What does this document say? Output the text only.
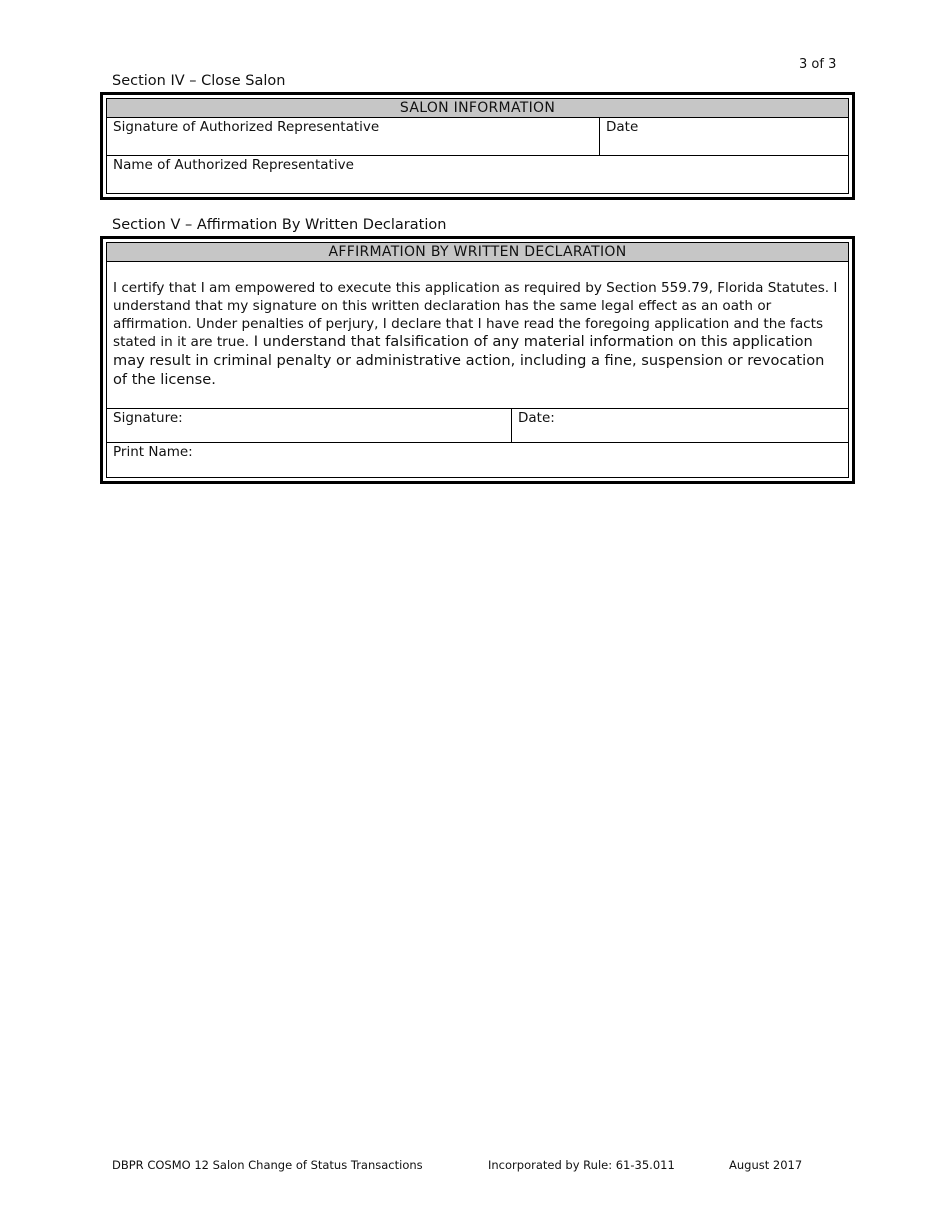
3 of 3
Section IV – Close Salon
SALON INFORMATION
Signature of Authorized Representative	Date
Name of Authorized Representative
Section V – Affirmation By Written Declaration
AFFIRMATION BY WRITTEN DECLARATION
I certify that I am empowered to execute this application as required by Section 559.79, Florida Statutes. I understand that my signature on this written declaration has the same legal effect as an oath or affirmation. Under penalties of perjury, I declare that I have read the foregoing application and the facts stated in it are true. I understand that falsification of any material information on this application may result in criminal penalty or administrative action, including a fine, suspension or revocation of the license.
Signature:	Date:
Print Name:
DBPR COSMO 12 Salon Change of Status Transactions	Incorporated by Rule: 61-35.011	August 2017
